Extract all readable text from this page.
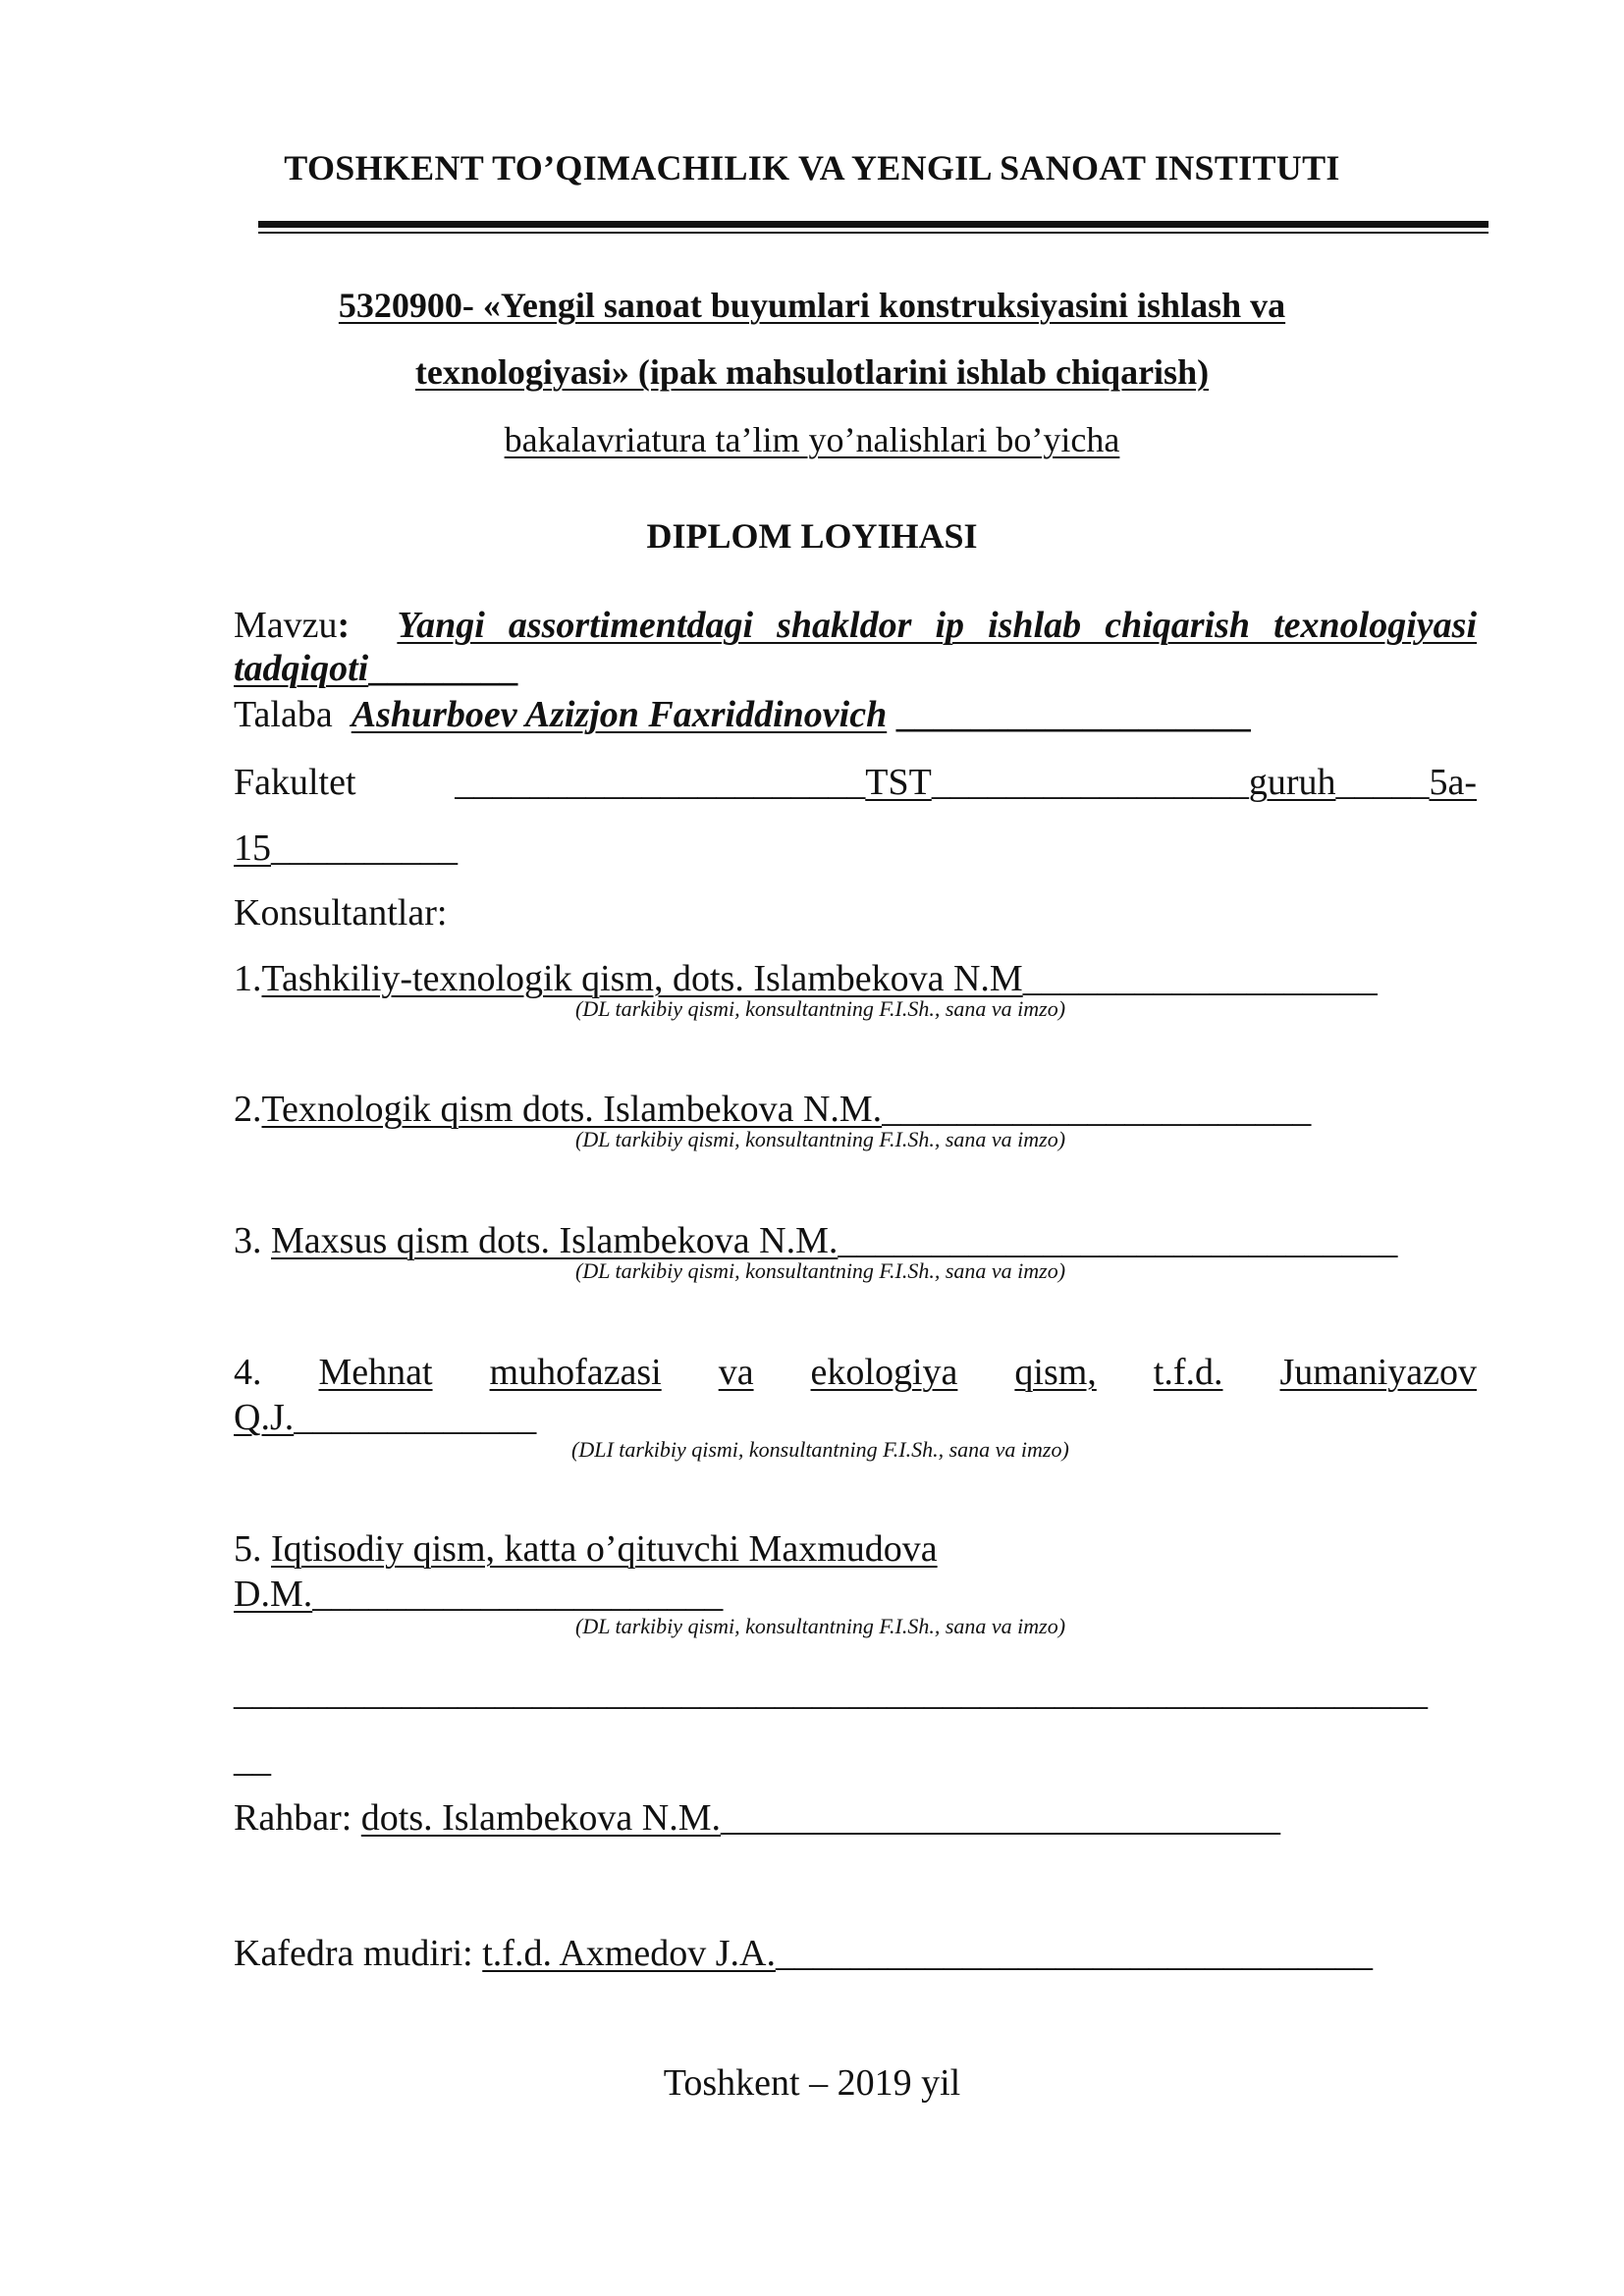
TOSHKENT TO’QIMACHILIK VA YENGIL SANOAT INSTITUTI
5320900- «Yengil sanoat buyumlari konstruksiyasini ishlash va
texnologiyasi» (ipak mahsulotlarini ishlab chiqarish)
bakalavriatura ta’lim yo’nalishlari bo’yicha
DIPLOM LOYIHASI
Mavzu: Yangi assortimentdagi shakldor ip ishlab chiqarish texnologiyasi tadqiqoti________
Talaba Ashurboev Azizjon Faxriddinovich ___________________
Fakultet	______________________TST_________________guruh_____5a-
15__________
Konsultantlar:
1.Tashkiliy-texnologik qism, dots. Islambekova N.M___________________
(DL tarkibiy qismi, konsultantning F.I.Sh., sana va imzo)
2.Texnologik qism dots. Islambekova N.M._______________________
(DL tarkibiy qismi, konsultantning F.I.Sh., sana va imzo)
3. Maxsus qism dots. Islambekova N.M.______________________________
(DL tarkibiy qismi, konsultantning F.I.Sh., sana va imzo)
4. Mehnat muhofazasi va ekologiya qism, t.f.d. Jumaniyazov
Q.J._____________
(DLI tarkibiy qismi, konsultantning F.I.Sh., sana va imzo)
5. Iqtisodiy qism, katta o’qituvchi Maxmudova
D.M.______________________
(DL tarkibiy qismi, konsultantning F.I.Sh., sana va imzo)
________________________________________________________________
__
Rahbar: dots. Islambekova N.M.______________________________
Kafedra mudiri: t.f.d. Axmedov J.A.________________________________
Toshkent – 2019 yil
